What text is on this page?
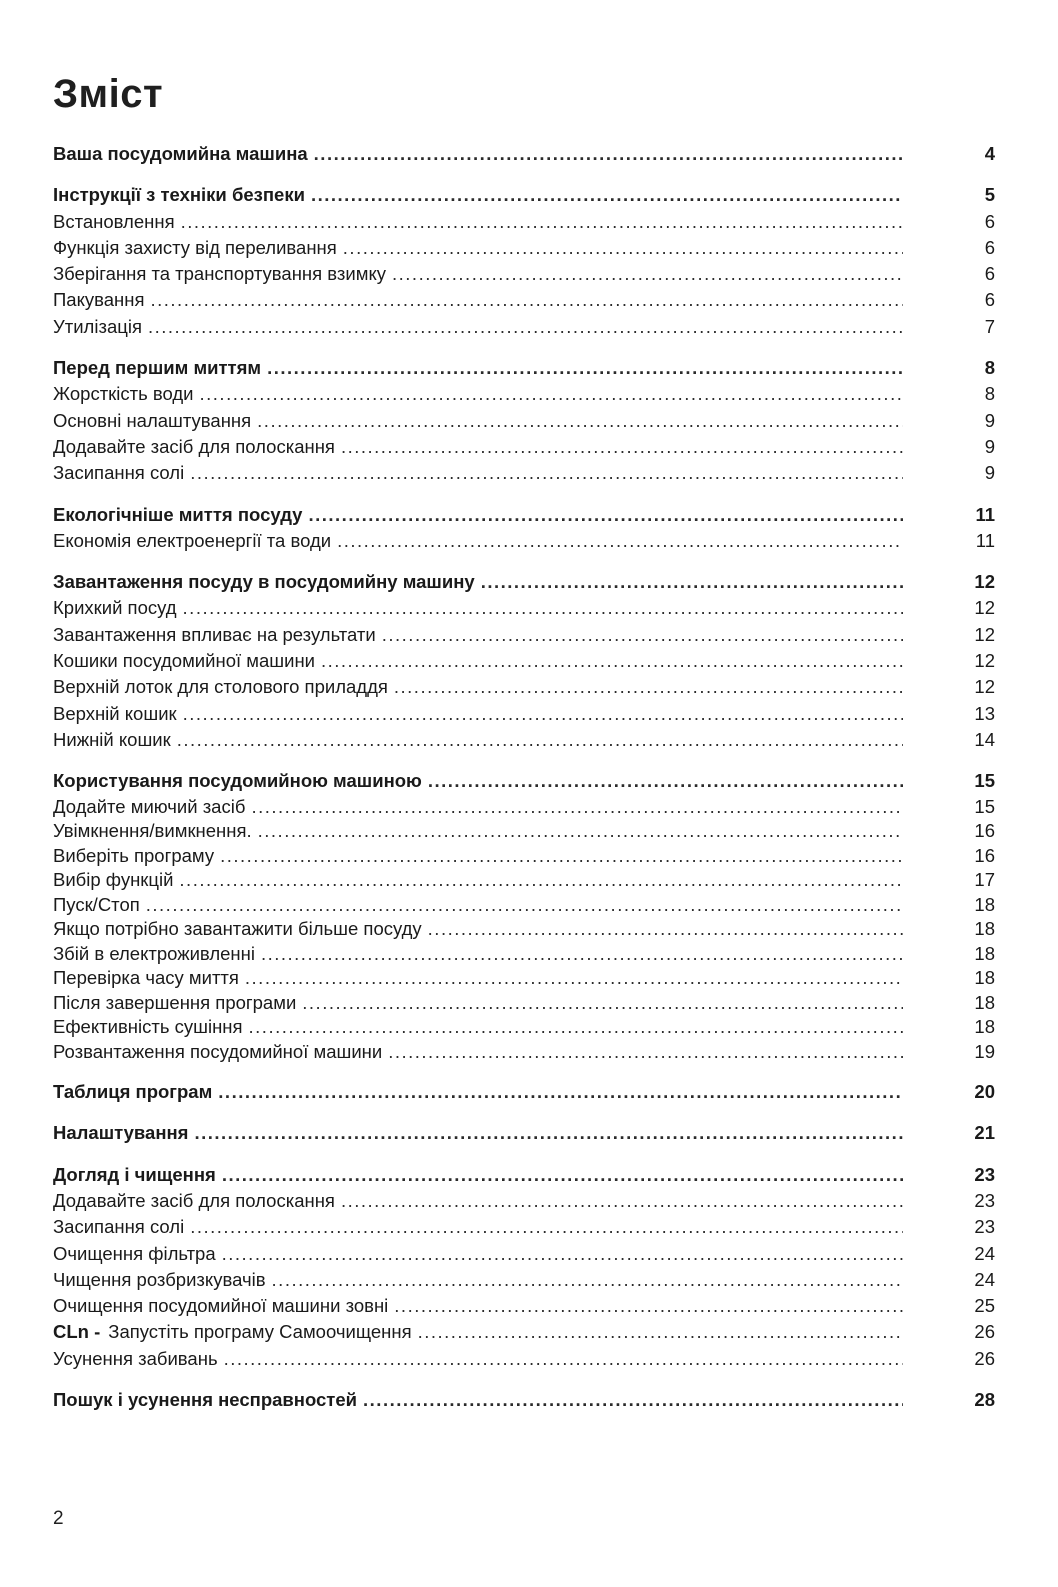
Зміст
Ваша посудомийна машина .....	4
Інструкції з техніки безпеки .....	5
Встановлення .....	6
Функція захисту від переливання .....	6
Зберігання та транспортування взимку .....	6
Пакування .....	6
Утилізація .....	7
Перед першим миттям .....	8
Жорсткість води .....	8
Основні налаштування .....	9
Додавайте засіб для полоскання .....	9
Засипання солі .....	9
Екологічніше миття посуду .....	11
Економія електроенергії та води .....	11
Завантаження посуду в посудомийну машину .....	12
Крихкий посуд .....	12
Завантаження впливає на результати .....	12
Кошики посудомийної машини .....	12
Верхній лоток для столового приладдя .....	12
Верхній кошик .....	13
Нижній кошик .....	14
Користування посудомийною машиною .....	15
Додайте миючий засіб .....	15
Увімкнення/вимкнення. .....	16
Виберіть програму .....	16
Вибір функцій .....	17
Пуск/Стоп .....	18
Якщо потрібно завантажити більше посуду .....	18
Збій в електроживленні .....	18
Перевірка часу миття .....	18
Після завершення програми .....	18
Ефективність сушіння .....	18
Розвантаження посудомийної машини .....	19
Таблиця програм .....	20
Налаштування .....	21
Догляд і чищення .....	23
Додавайте засіб для полоскання .....	23
Засипання солі .....	23
Очищення фільтра .....	24
Чищення розбризкувачів .....	24
Очищення посудомийної машини зовні .....	25
CLn - Запустіть програму Самоочищення .....	26
Усунення забивань .....	26
Пошук і усунення несправностей .....	28
2
